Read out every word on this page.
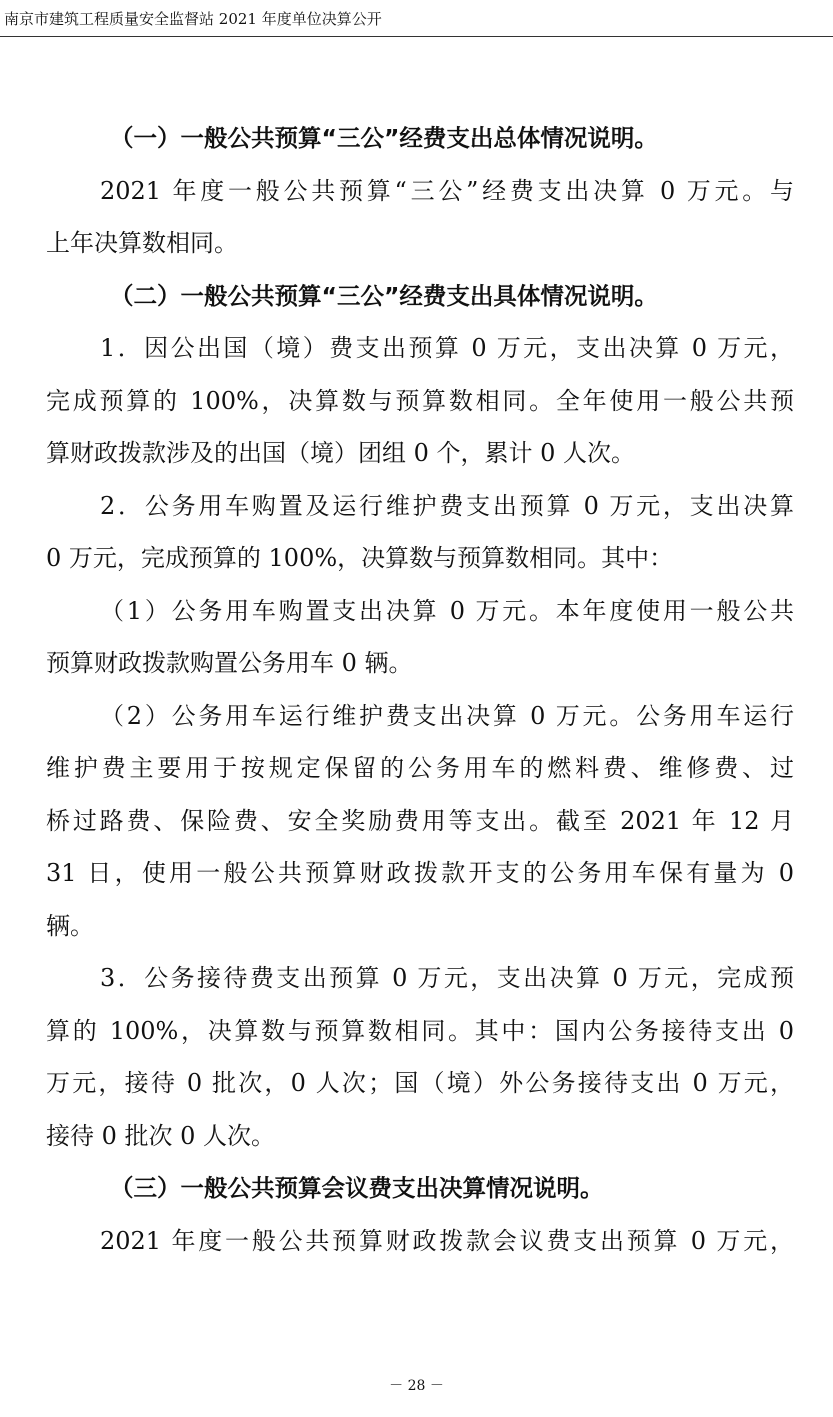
南京市建筑工程质量安全监督站 2021 年度单位决算公开
（一）一般公共预算“三公”经费支出总体情况说明。
2021 年度一般公共预算“三公”经费支出决算 0 万元。与
上年决算数相同。
（二）一般公共预算“三公”经费支出具体情况说明。
1．因公出国（境）费支出预算 0 万元，支出决算 0 万元，
完成预算的 100%，决算数与预算数相同。全年使用一般公共预
算财政拨款涉及的出国（境）团组 0 个，累计 0 人次。
2．公务用车购置及运行维护费支出预算 0 万元，支出决算
0 万元，完成预算的 100%，决算数与预算数相同。其中：
（1）公务用车购置支出决算 0 万元。本年度使用一般公共
预算财政拨款购置公务用车 0 辆。
（2）公务用车运行维护费支出决算 0 万元。公务用车运行
维护费主要用于按规定保留的公务用车的燃料费、维修费、过
桥过路费、保险费、安全奖励费用等支出。截至 2021 年 12 月
31 日，使用一般公共预算财政拨款开支的公务用车保有量为 0
辆。
3．公务接待费支出预算 0 万元，支出决算 0 万元，完成预
算的 100%，决算数与预算数相同。其中：国内公务接待支出 0
万元，接待 0 批次，0 人次；国（境）外公务接待支出 0 万元，
接待 0 批次 0 人次。
（三）一般公共预算会议费支出决算情况说明。
2021 年度一般公共预算财政拨款会议费支出预算 0 万元，
－ 28 －
